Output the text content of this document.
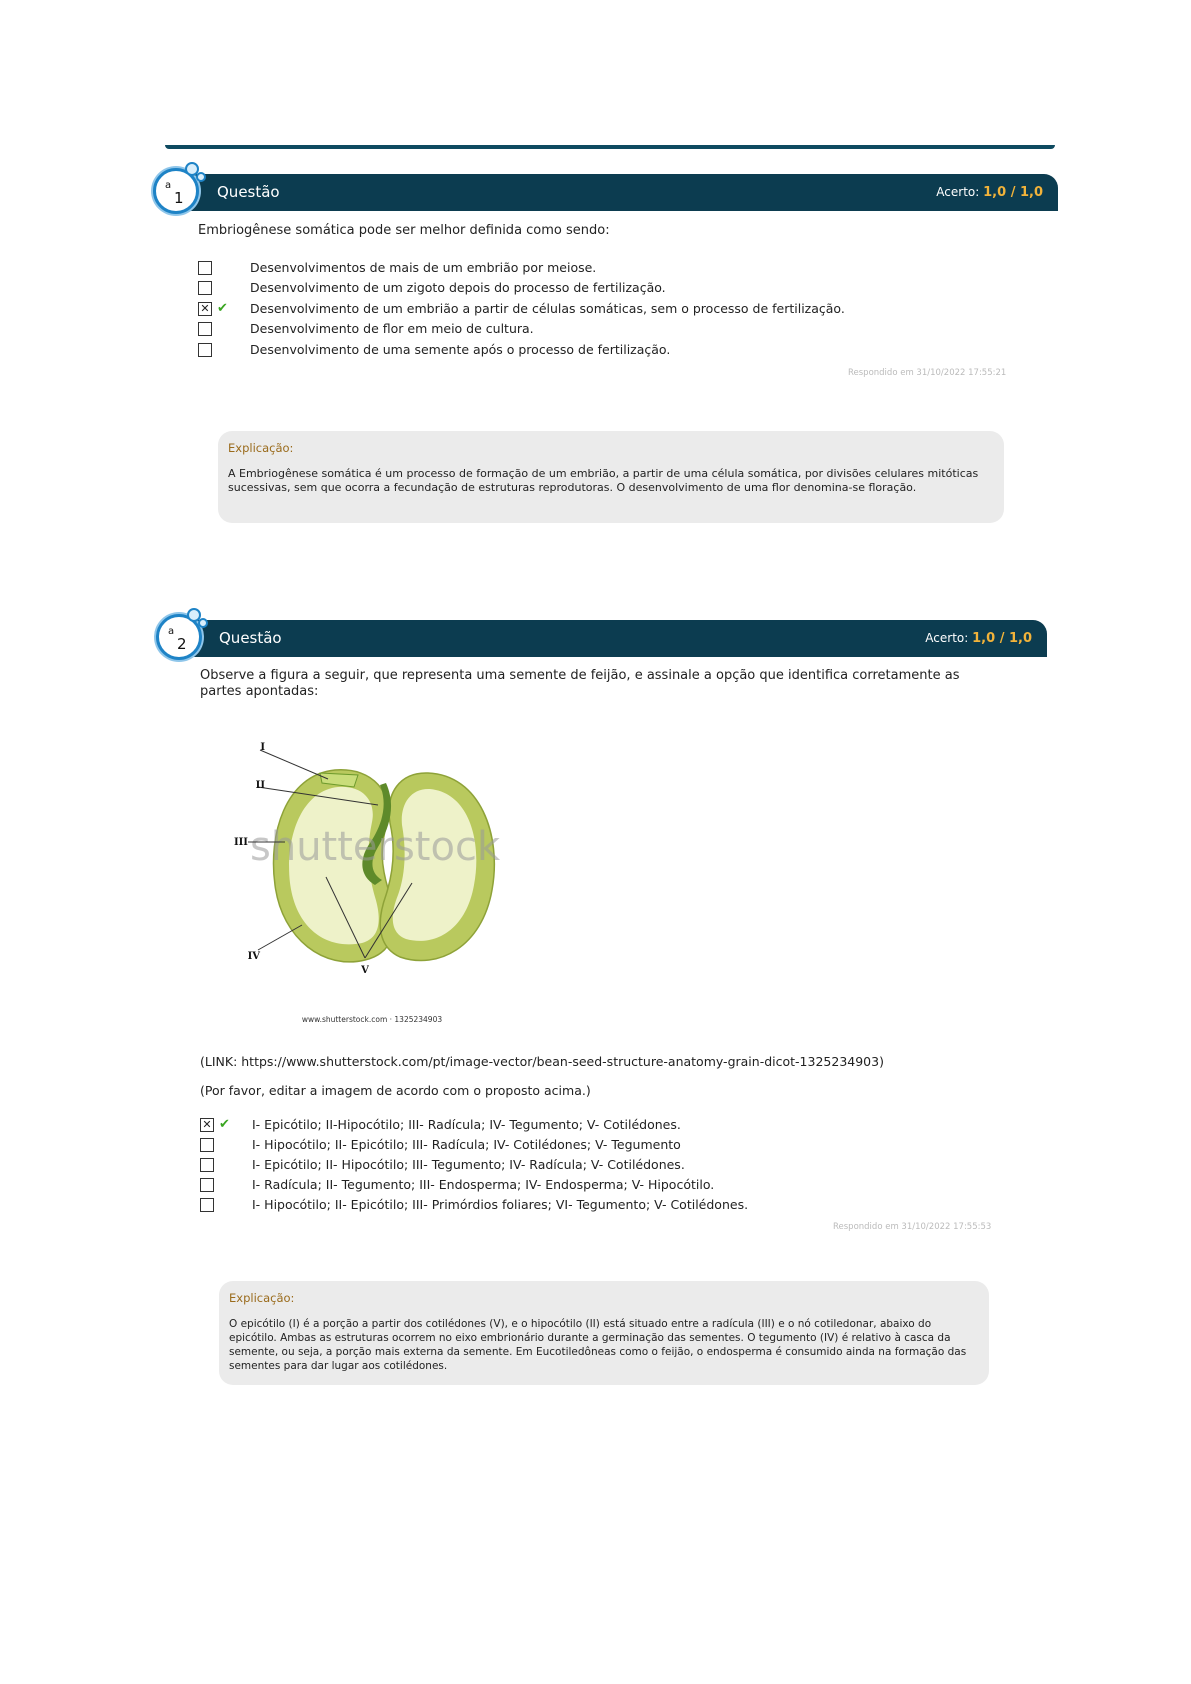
1
$^a$	Questão	Acerto: 1,0 / 1,0
Embriogênese somática pode ser melhor definida como sendo:
Desenvolvimentos de mais de um embrião por meiose.
Desenvolvimento de um zigoto depois do processo de fertilização.
✕ ✔ Desenvolvimento de um embrião a partir de células somáticas, sem o processo de fertilização.
Desenvolvimento de flor em meio de cultura.
Desenvolvimento de uma semente após o processo de fertilização.
Respondido em 31/10/2022 17:55:21
Explicação:
A Embriogênese somática é um processo de formação de um embrião, a partir de uma célula somática, por divisões celulares mitóticas sucessivas, sem que ocorra a fecundação de estruturas reprodutoras. O desenvolvimento de uma flor denomina-se floração.
2
$^a$	Questão	Acerto: 1,0 / 1,0
Observe a figura a seguir, que representa uma semente de feijão, e assinale a opção que identifica corretamente as partes apontadas:
shutterstock
I
II
III
IV
V
www.shutterstock.com · 1325234903
(LINK: https://www.shutterstock.com/pt/image-vector/bean-seed-structure-anatomy-grain-dicot-1325234903)
(Por favor, editar a imagem de acordo com o proposto acima.)
✕ ✔ I- Epicótilo; II-Hipocótilo; III- Radícula; IV- Tegumento; V- Cotilédones.
I- Hipocótilo; II- Epicótilo; III- Radícula; IV- Cotilédones; V- Tegumento
I- Epicótilo; II- Hipocótilo; III- Tegumento; IV- Radícula; V- Cotilédones.
I- Radícula; II- Tegumento; III- Endosperma; IV- Endosperma; V- Hipocótilo.
I- Hipocótilo; II- Epicótilo; III- Primórdios foliares; VI- Tegumento; V- Cotilédones.
Respondido em 31/10/2022 17:55:53
Explicação:
O epicótilo (I) é a porção a partir dos cotilédones (V), e o hipocótilo (II) está situado entre a radícula (III) e o nó cotiledonar, abaixo do epicótilo. Ambas as estruturas ocorrem no eixo embrionário durante a germinação das sementes. O tegumento (IV) é relativo à casca da semente, ou seja, a porção mais externa da semente. Em Eucotiledôneas como o feijão, o endosperma é consumido ainda na formação das sementes para dar lugar aos cotilédones.
